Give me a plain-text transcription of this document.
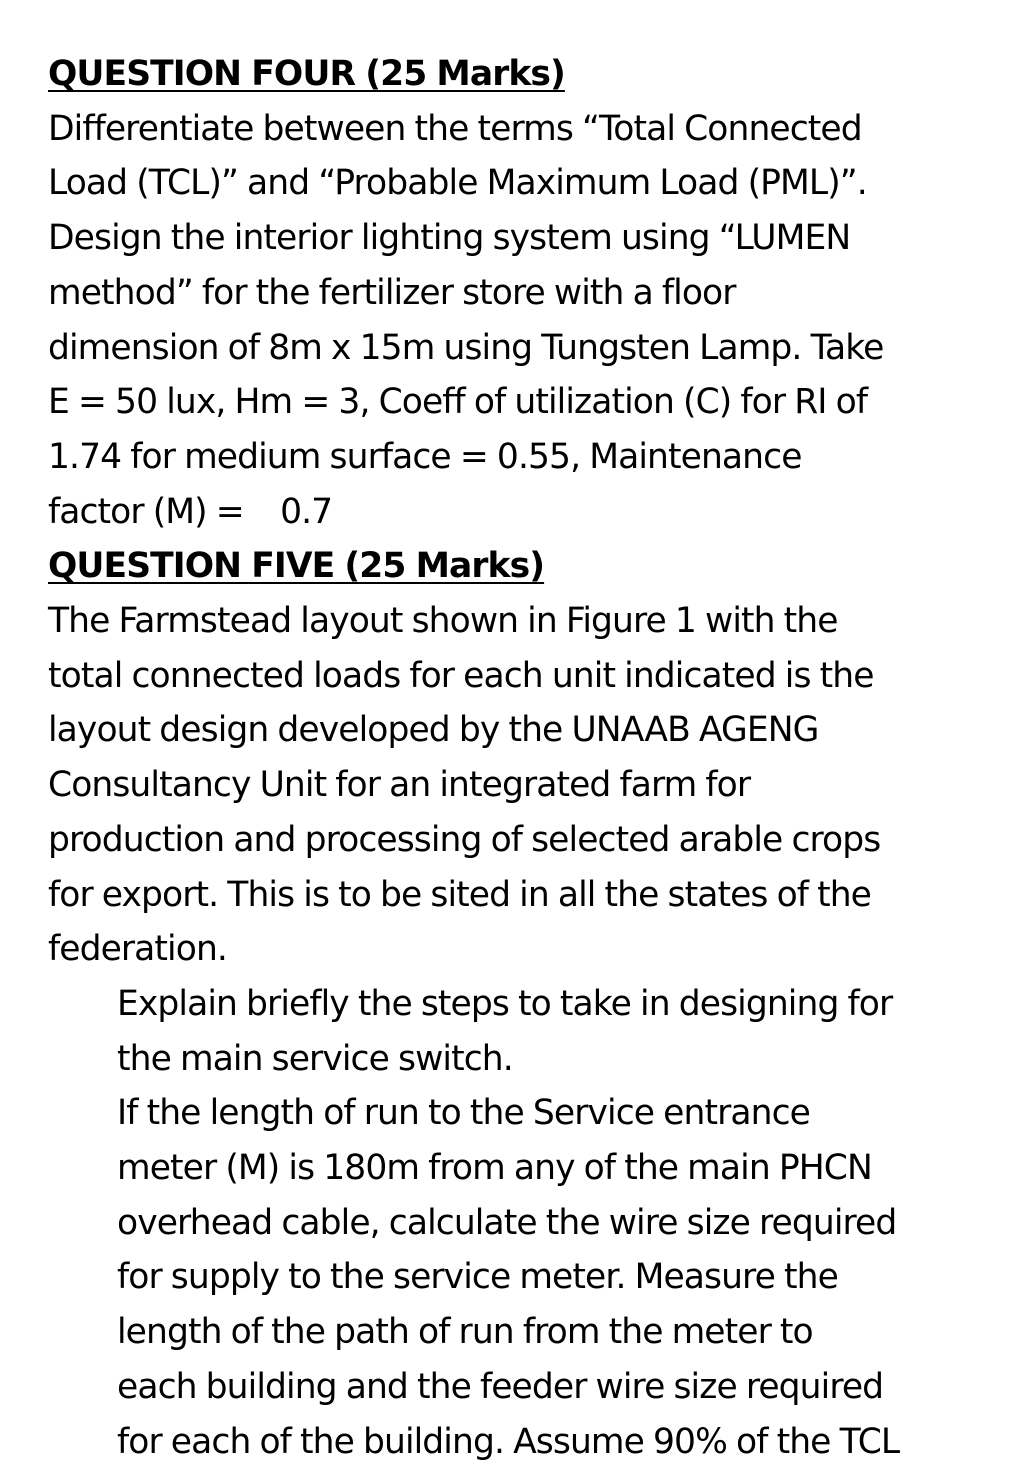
QUESTION FOUR (25 Marks)
Differentiate between the terms “Total Connected
Load (TCL)” and “Probable Maximum Load (PML)”.
Design the interior lighting system using “LUMEN
method” for the fertilizer store with a floor
dimension of 8m x 15m using Tungsten Lamp. Take
E = 50 lux, Hm = 3, Coeff of utilization (C) for RI of
1.74 for medium surface = 0.55, Maintenance
factor (M) =    0.7
QUESTION FIVE (25 Marks)
The Farmstead layout shown in Figure 1 with the
total connected loads for each unit indicated is the
layout design developed by the UNAAB AGENG
Consultancy Unit for an integrated farm for
production and processing of selected arable crops
for export. This is to be sited in all the states of the
federation.
Explain briefly the steps to take in designing for
the main service switch.
If the length of run to the Service entrance
meter (M) is 180m from any of the main PHCN
overhead cable, calculate the wire size required
for supply to the service meter. Measure the
length of the path of run from the meter to
each building and the feeder wire size required
for each of the building. Assume 90% of the TCL
